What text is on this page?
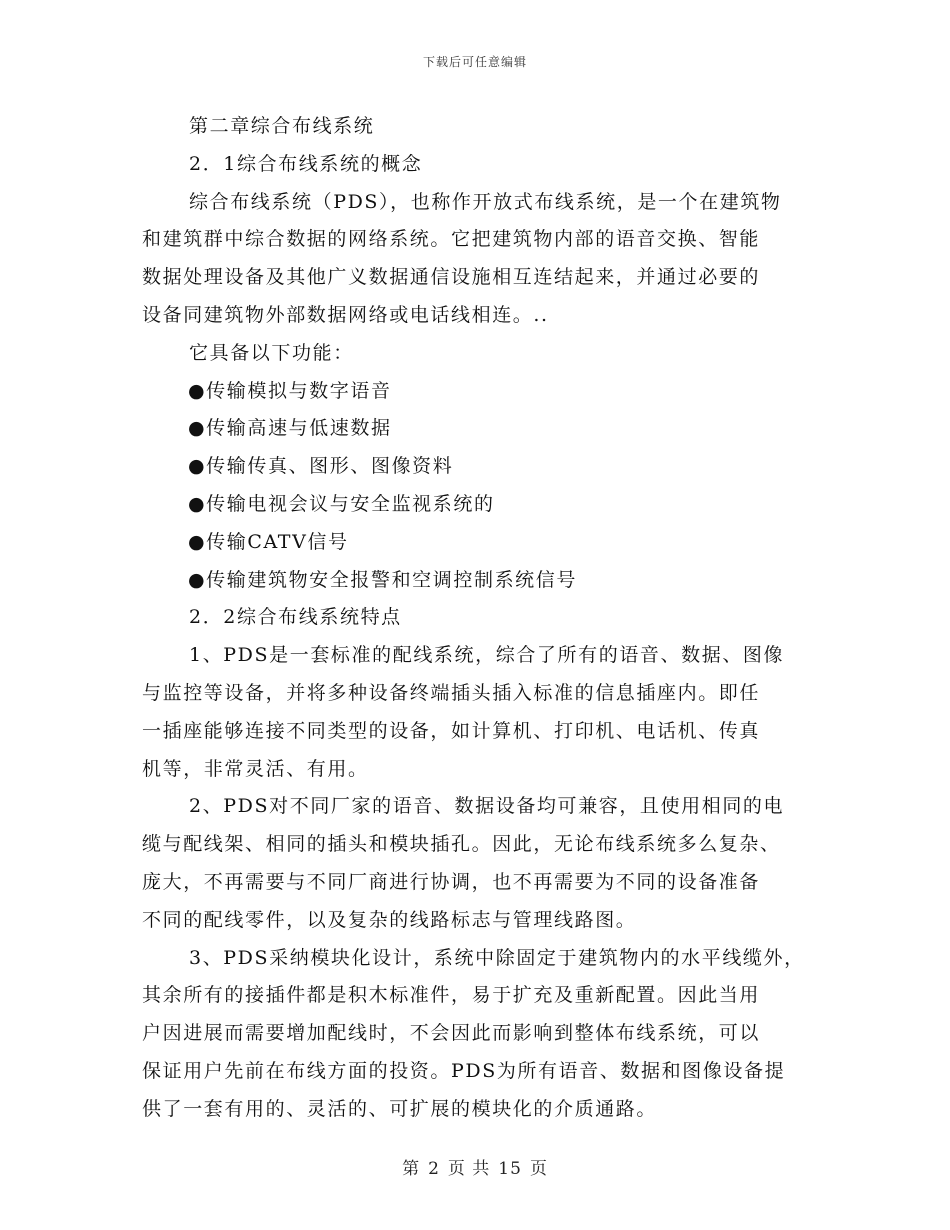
下载后可任意编辑
第二章综合布线系统
2．1综合布线系统的概念
综合布线系统（PDS），也称作开放式布线系统，是一个在建筑物
和建筑群中综合数据的网络系统。它把建筑物内部的语音交换、智能
数据处理设备及其他广义数据通信设施相互连结起来，并通过必要的
设备同建筑物外部数据网络或电话线相连。..
它具备以下功能：
●传输模拟与数字语音
●传输高速与低速数据
●传输传真、图形、图像资料
●传输电视会议与安全监视系统的
●传输CATV信号
●传输建筑物安全报警和空调控制系统信号
2．2综合布线系统特点
1、PDS是一套标准的配线系统，综合了所有的语音、数据、图像
与监控等设备，并将多种设备终端插头插入标准的信息插座内。即任
一插座能够连接不同类型的设备，如计算机、打印机、电话机、传真
机等，非常灵活、有用。
2、PDS对不同厂家的语音、数据设备均可兼容，且使用相同的电
缆与配线架、相同的插头和模块插孔。因此，无论布线系统多么复杂、
庞大，不再需要与不同厂商进行协调，也不再需要为不同的设备准备
不同的配线零件，以及复杂的线路标志与管理线路图。
3、PDS采纳模块化设计，系统中除固定于建筑物内的水平线缆外，
其余所有的接插件都是积木标准件，易于扩充及重新配置。因此当用
户因进展而需要增加配线时，不会因此而影响到整体布线系统，可以
保证用户先前在布线方面的投资。PDS为所有语音、数据和图像设备提
供了一套有用的、灵活的、可扩展的模块化的介质通路。
第 2 页 共 15 页
